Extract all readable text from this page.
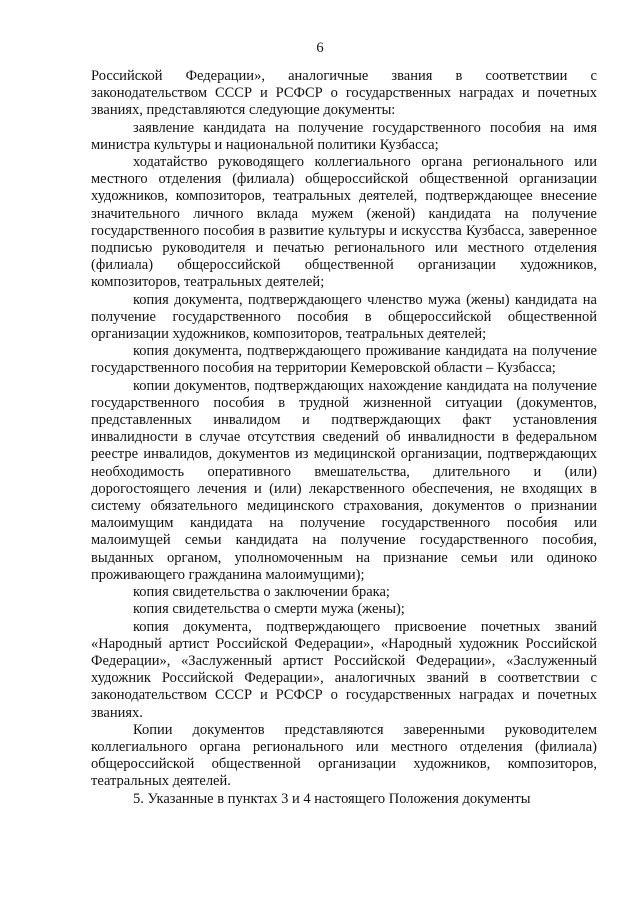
6

Российской Федерации», аналогичные звания в соответствии с законодательством СССР и РСФСР о государственных наградах и почетных званиях, представляются следующие документы:

заявление кандидата на получение государственного пособия на имя министра культуры и национальной политики Кузбасса;

ходатайство руководящего коллегиального органа регионального или местного отделения (филиала) общероссийской общественной организации художников, композиторов, театральных деятелей, подтверждающее внесение значительного личного вклада мужем (женой) кандидата на получение государственного пособия в развитие культуры и искусства Кузбасса, заверенное подписью руководителя и печатью регионального или местного отделения (филиала) общероссийской общественной организации художников, композиторов, театральных деятелей;

копия документа, подтверждающего членство мужа (жены) кандидата на получение государственного пособия в общероссийской общественной организации художников, композиторов, театральных деятелей;

копия документа, подтверждающего проживание кандидата на получение государственного пособия на территории Кемеровской области – Кузбасса;

копии документов, подтверждающих нахождение кандидата на получение государственного пособия в трудной жизненной ситуации (документов, представленных инвалидом и подтверждающих факт установления инвалидности в случае отсутствия сведений об инвалидности в федеральном реестре инвалидов, документов из медицинской организации, подтверждающих необходимость оперативного вмешательства, длительного и (или) дорогостоящего лечения и (или) лекарственного обеспечения, не входящих в систему обязательного медицинского страхования, документов о признании малоимущим кандидата на получение государственного пособия или малоимущей семьи кандидата на получение государственного пособия, выданных органом, уполномоченным на признание семьи или одиноко проживающего гражданина малоимущими);

копия свидетельства о заключении брака;

копия свидетельства о смерти мужа (жены);

копия документа, подтверждающего присвоение почетных званий «Народный артист Российской Федерации», «Народный художник Российской Федерации», «Заслуженный артист Российской Федерации», «Заслуженный художник Российской Федерации», аналогичных званий в соответствии с законодательством СССР и РСФСР о государственных наградах и почетных званиях.

Копии документов представляются заверенными руководителем коллегиального органа регионального или местного отделения (филиала) общероссийской общественной организации художников, композиторов, театральных деятелей.

5. Указанные в пунктах 3 и 4 настоящего Положения документы
